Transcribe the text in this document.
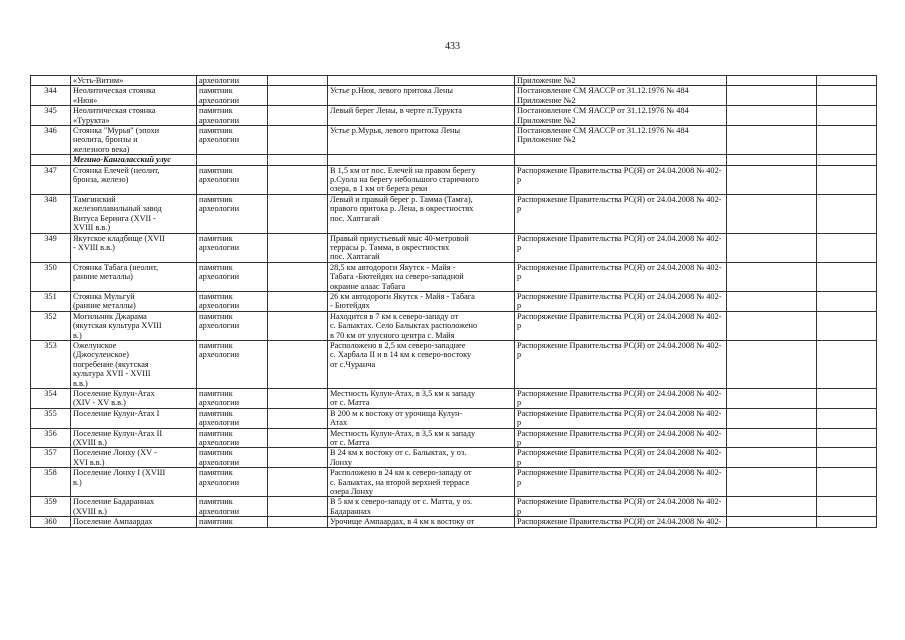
433
	«Усть-Витим»	археологии			Приложение №2		
344	Неолитическая стоянка
«Нюя»	памятник
археологии		Устье р.Нюя, левого притока Лены	Постановление СМ ЯАССР от 31.12.1976 № 484
Приложение №2		
345	Неолитическая стоянка
«Турукта»	памятник
археологии		Левый берег Лены, в черте п.Турукта	Постановление СМ ЯАССР от 31.12.1976 № 484
Приложение №2		
346	Стоянка "Мурья" (эпохи
неолита, бронзы и
железного века)	памятник
археологии		Устье р.Мурья, левого притока Лены	Постановление СМ ЯАССР от 31.12.1976 № 484
Приложение №2		
	Мегино-Кангаласский улус						
347	Стоянка Елечей (неолит,
бронза, железо)	памятник
археологии		В 1,5 км от пос. Елечей на правом берегу
р.Суола на берегу небольшого старичного
озера, в 1 км от берега реки	Распоряжение Правительства РС(Я) от 24.04.2008 № 402-
р		
348	Тамгинский
железоплавильный завод
Витуса Беринга (XVII -
XVIII в.в.)	памятник
археологии		Левый и правый берег р. Тамма (Тамга),
правого притока р. Лена, в окрестностях
пос. Хаптагай	Распоряжение Правительства РС(Я) от 24.04.2008 № 402-
р		
349	Якутское кладбище (XVII
- XVIII в.в.)	памятник
археологии		Правый приустьевый мыс 40-метровой
террасы р. Тамма, в окрестностях
пос. Хаптагай	Распоряжение Правительства РС(Я) от 24.04.2008 № 402-
р		
350	Стоянка Табага (неолит,
ранние металлы)	памятник
археологии		28,5 км автодороги Якутск - Майя -
Табага -Бютейдях на северо-западной
окраине алаас Табага	Распоряжение Правительства РС(Я) от 24.04.2008 № 402-
р		
351	Стоянка Мульгуй
(ранние металлы)	памятник
археологии		26 км автодороги Якутск - Майя - Табага
- Бютейдях	Распоряжение Правительства РС(Я) от 24.04.2008 № 402-
р		
352	Могильник Джарама
(якутская культура XVIII
в.)	памятник
археологии		Находится в 7 км к северо-западу от
с. Балыктах. Село Балыктах расположено
в 70 км от улусного центра с. Майя	Распоряжение Правительства РС(Я) от 24.04.2008 № 402-
р		
353	Ожелунское
(Джосуленское)
погребение (якутская
культура XVII - XVIII
в.в.)	памятник
археологии		Расположено в 2,5 км северо-западнее
с. Харбала II и в 14 км к северо-востоку
от с.Чуранча	Распоряжение Правительства РС(Я) от 24.04.2008 № 402-
р		
354	Поселение Кулун-Атах
(XIV - XV в.в.)	памятник
археологии		Местность Кулун-Атах, в 3,5 км к западу
от с. Матта	Распоряжение Правительства РС(Я) от 24.04.2008 № 402-
р		
355	Поселение Кулун-Атах I	памятник
археологии		В 200 м к востоку от урочища Кулун-
Атах	Распоряжение Правительства РС(Я) от 24.04.2008 № 402-
р		
356	Поселение Кулун-Атах II
(XVIII в.)	памятник
археологии		Местность Кулун-Атах, в 3,5 км к западу
от с. Матта	Распоряжение Правительства РС(Я) от 24.04.2008 № 402-
р		
357	Поселение Лонху (XV -
XVI в.в.)	памятник
археологии		В 24 км к востоку от с. Балыктах, у оз.
Лонху	Распоряжение Правительства РС(Я) от 24.04.2008 № 402-
р		
358	Поселение Лонху I (XVIII
в.)	памятник
археологии		Расположено в 24 км к северо-западу от
с. Балыктах, на второй верхней террасе
озера Лонху	Распоряжение Правительства РС(Я) от 24.04.2008 № 402-
р		
359	Поселение Бадараннах
(XVIII в.)	памятник
археологии		В 5 км к северо-западу от с. Матта, у оз.
Бадараннах	Распоряжение Правительства РС(Я) от 24.04.2008 № 402-
р		
360	Поселение Ампаардах	памятник		Урочище Ампаардах, в 4 км к востоку от	Распоряжение Правительства РС(Я) от 24.04.2008 № 402-		
